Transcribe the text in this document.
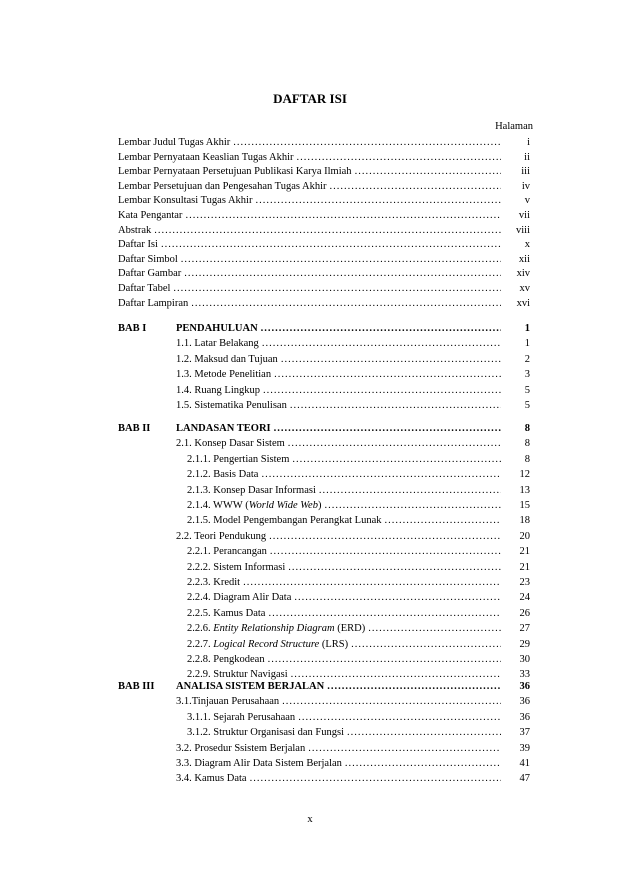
DAFTAR ISI
Halaman
Lembar Judul Tugas Akhir .....	i
Lembar Pernyataan Keaslian Tugas Akhir .....	ii
Lembar Pernyataan Persetujuan Publikasi Karya Ilmiah .....	iii
Lembar Persetujuan dan Pengesahan Tugas Akhir .....	iv
Lembar Konsultasi Tugas Akhir .....	v
Kata Pengantar .....	vii
Abstrak .....	viii
Daftar Isi .....	x
Daftar Simbol .....	xii
Daftar Gambar .....	xiv
Daftar Tabel .....	xv
Daftar Lampiran .....	xvi
BAB I	PENDAHULUAN .....	1
1.1. Latar Belakang .....	1
1.2. Maksud dan Tujuan .....	2
1.3. Metode Penelitian .....	3
1.4. Ruang Lingkup .....	5
1.5. Sistematika Penulisan .....	5
BAB II LANDASAN TEORI .....	8
2.1. Konsep Dasar Sistem .....	8
2.1.1. Pengertian Sistem .....	8
2.1.2. Basis Data .....	12
2.1.3. Konsep Dasar Informasi .....	13
2.1.4. WWW (World Wide Web) .....	15
2.1.5. Model Pengembangan Perangkat Lunak .....	18
2.2. Teori Pendukung .....	20
2.2.1. Perancangan .....	21
2.2.2. Sistem Informasi .....	21
2.2.3. Kredit .....	23
2.2.4. Diagram Alir Data .....	24
2.2.5. Kamus Data .....	26
2.2.6. Entity Relationship Diagram (ERD) .....	27
2.2.7. Logical Record Structure (LRS) .....	29
2.2.8. Pengkodean .....	30
2.2.9. Struktur Navigasi .....	33
BAB III ANALISA SISTEM BERJALAN .....	36
3.1.Tinjauan Perusahaan .....	36
3.1.1. Sejarah Perusahaan .....	36
3.1.2. Struktur Organisasi dan Fungsi .....	37
3.2. Prosedur Ssistem Berjalan .....	39
3.3. Diagram Alir Data Sistem Berjalan .....	41
3.4. Kamus Data .....	47
x
